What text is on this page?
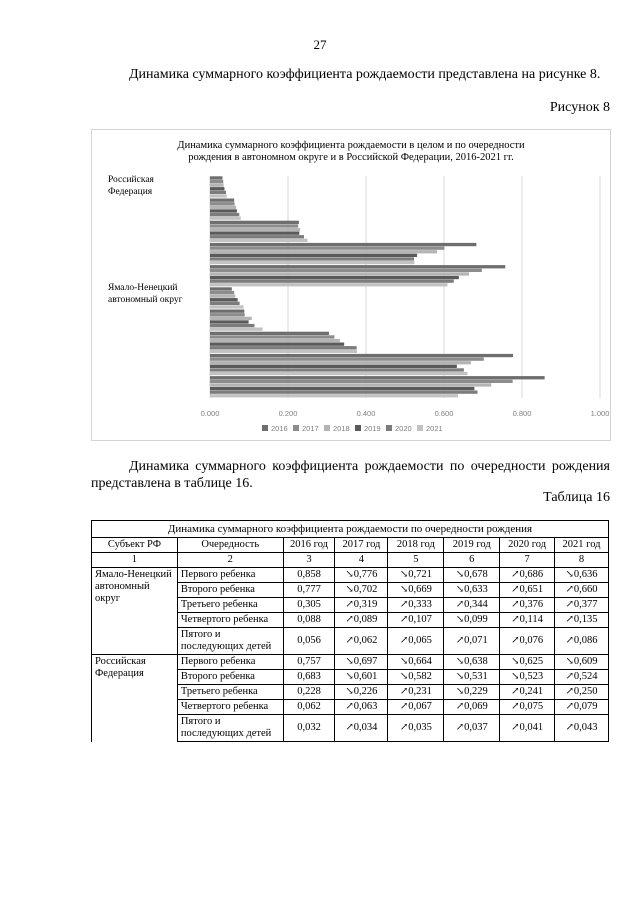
27

Динамика суммарного коэффициента рождаемости представлена на рисунке 8.

Рисунок 8
Динамика суммарного коэффициента рождаемости в целом и по очередности
рождения в автономном округе и в Российской Федерации, 2016-2021 гг.
0.000	0.200	0.400	0.600	0.800	1.000
Российская
Федерация
Ямало-Ненецкий
автономный округ
2016 2017 2018 2019 2020 2021

Динамика суммарного коэффициента рождаемости по очередности рождения представлена в таблице 16.

Таблица 16
Динамика суммарного коэффициента рождаемости по очередности рождения							
Субъект РФ	Очередность	2016 год	2017 год	2018 год	2019 год	2020 год	2021 год
1	2	3	4	5	6	7	8
Ямало-Ненецкий автономный округ	Первого ребенка	0,858	↘0,776	↘0,721	↘0,678	↗0,686	↘0,636
	Второго ребенка	0,777	↘0,702	↘0,669	↘0,633	↗0,651	↗0,660
	Третьего ребенка	0,305	↗0,319	↗0,333	↗0,344	↗0,376	↗0,377
	Четвертого ребенка	0,088	↗0,089	↗0,107	↘0,099	↗0,114	↗0,135
	Пятого и последующих детей	0,056	↗0,062	↗0,065	↗0,071	↗0,076	↗0,086
Российская Федерация	Первого ребенка	0,757	↘0,697	↘0,664	↘0,638	↘0,625	↘0,609
	Второго ребенка	0,683	↘0,601	↘0,582	↘0,531	↘0,523	↗0,524
	Третьего ребенка	0,228	↘0,226	↗0,231	↘0,229	↗0,241	↗0,250
	Четвертого ребенка	0,062	↗0,063	↗0,067	↗0,069	↗0,075	↗0,079
	Пятого и последующих детей	0,032	↗0,034	↗0,035	↗0,037	↗0,041	↗0,043
